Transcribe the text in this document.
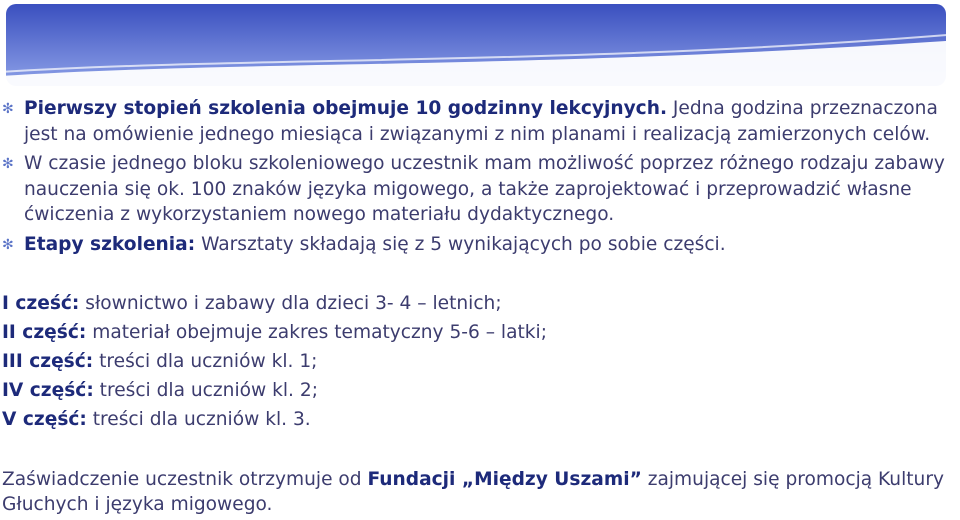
✻ Pierwszy stopień szkolenia obejmuje 10 godzinny lekcyjnych. Jedna godzina przeznaczona jest na omówienie jednego miesiąca i związanymi z nim planami i realizacją zamierzonych celów.
✻ W czasie jednego bloku szkoleniowego uczestnik mam możliwość poprzez różnego rodzaju zabawy nauczenia się ok. 100 znaków języka migowego, a także zaprojektować i przeprowadzić własne ćwiczenia z wykorzystaniem nowego materiału dydaktycznego.
✻ Etapy szkolenia: Warsztaty składają się z 5 wynikających po sobie części.
I cześć: słownictwo i zabawy dla dzieci 3- 4 – letnich;
II część: materiał obejmuje zakres tematyczny 5-6 – latki;
III część: treści dla uczniów kl. 1;
IV część: treści dla uczniów kl. 2;
V część: treści dla uczniów kl. 3.
Zaświadczenie uczestnik otrzymuje od Fundacji „Między Uszami” zajmującej się promocją Kultury Głuchych i języka migowego.
